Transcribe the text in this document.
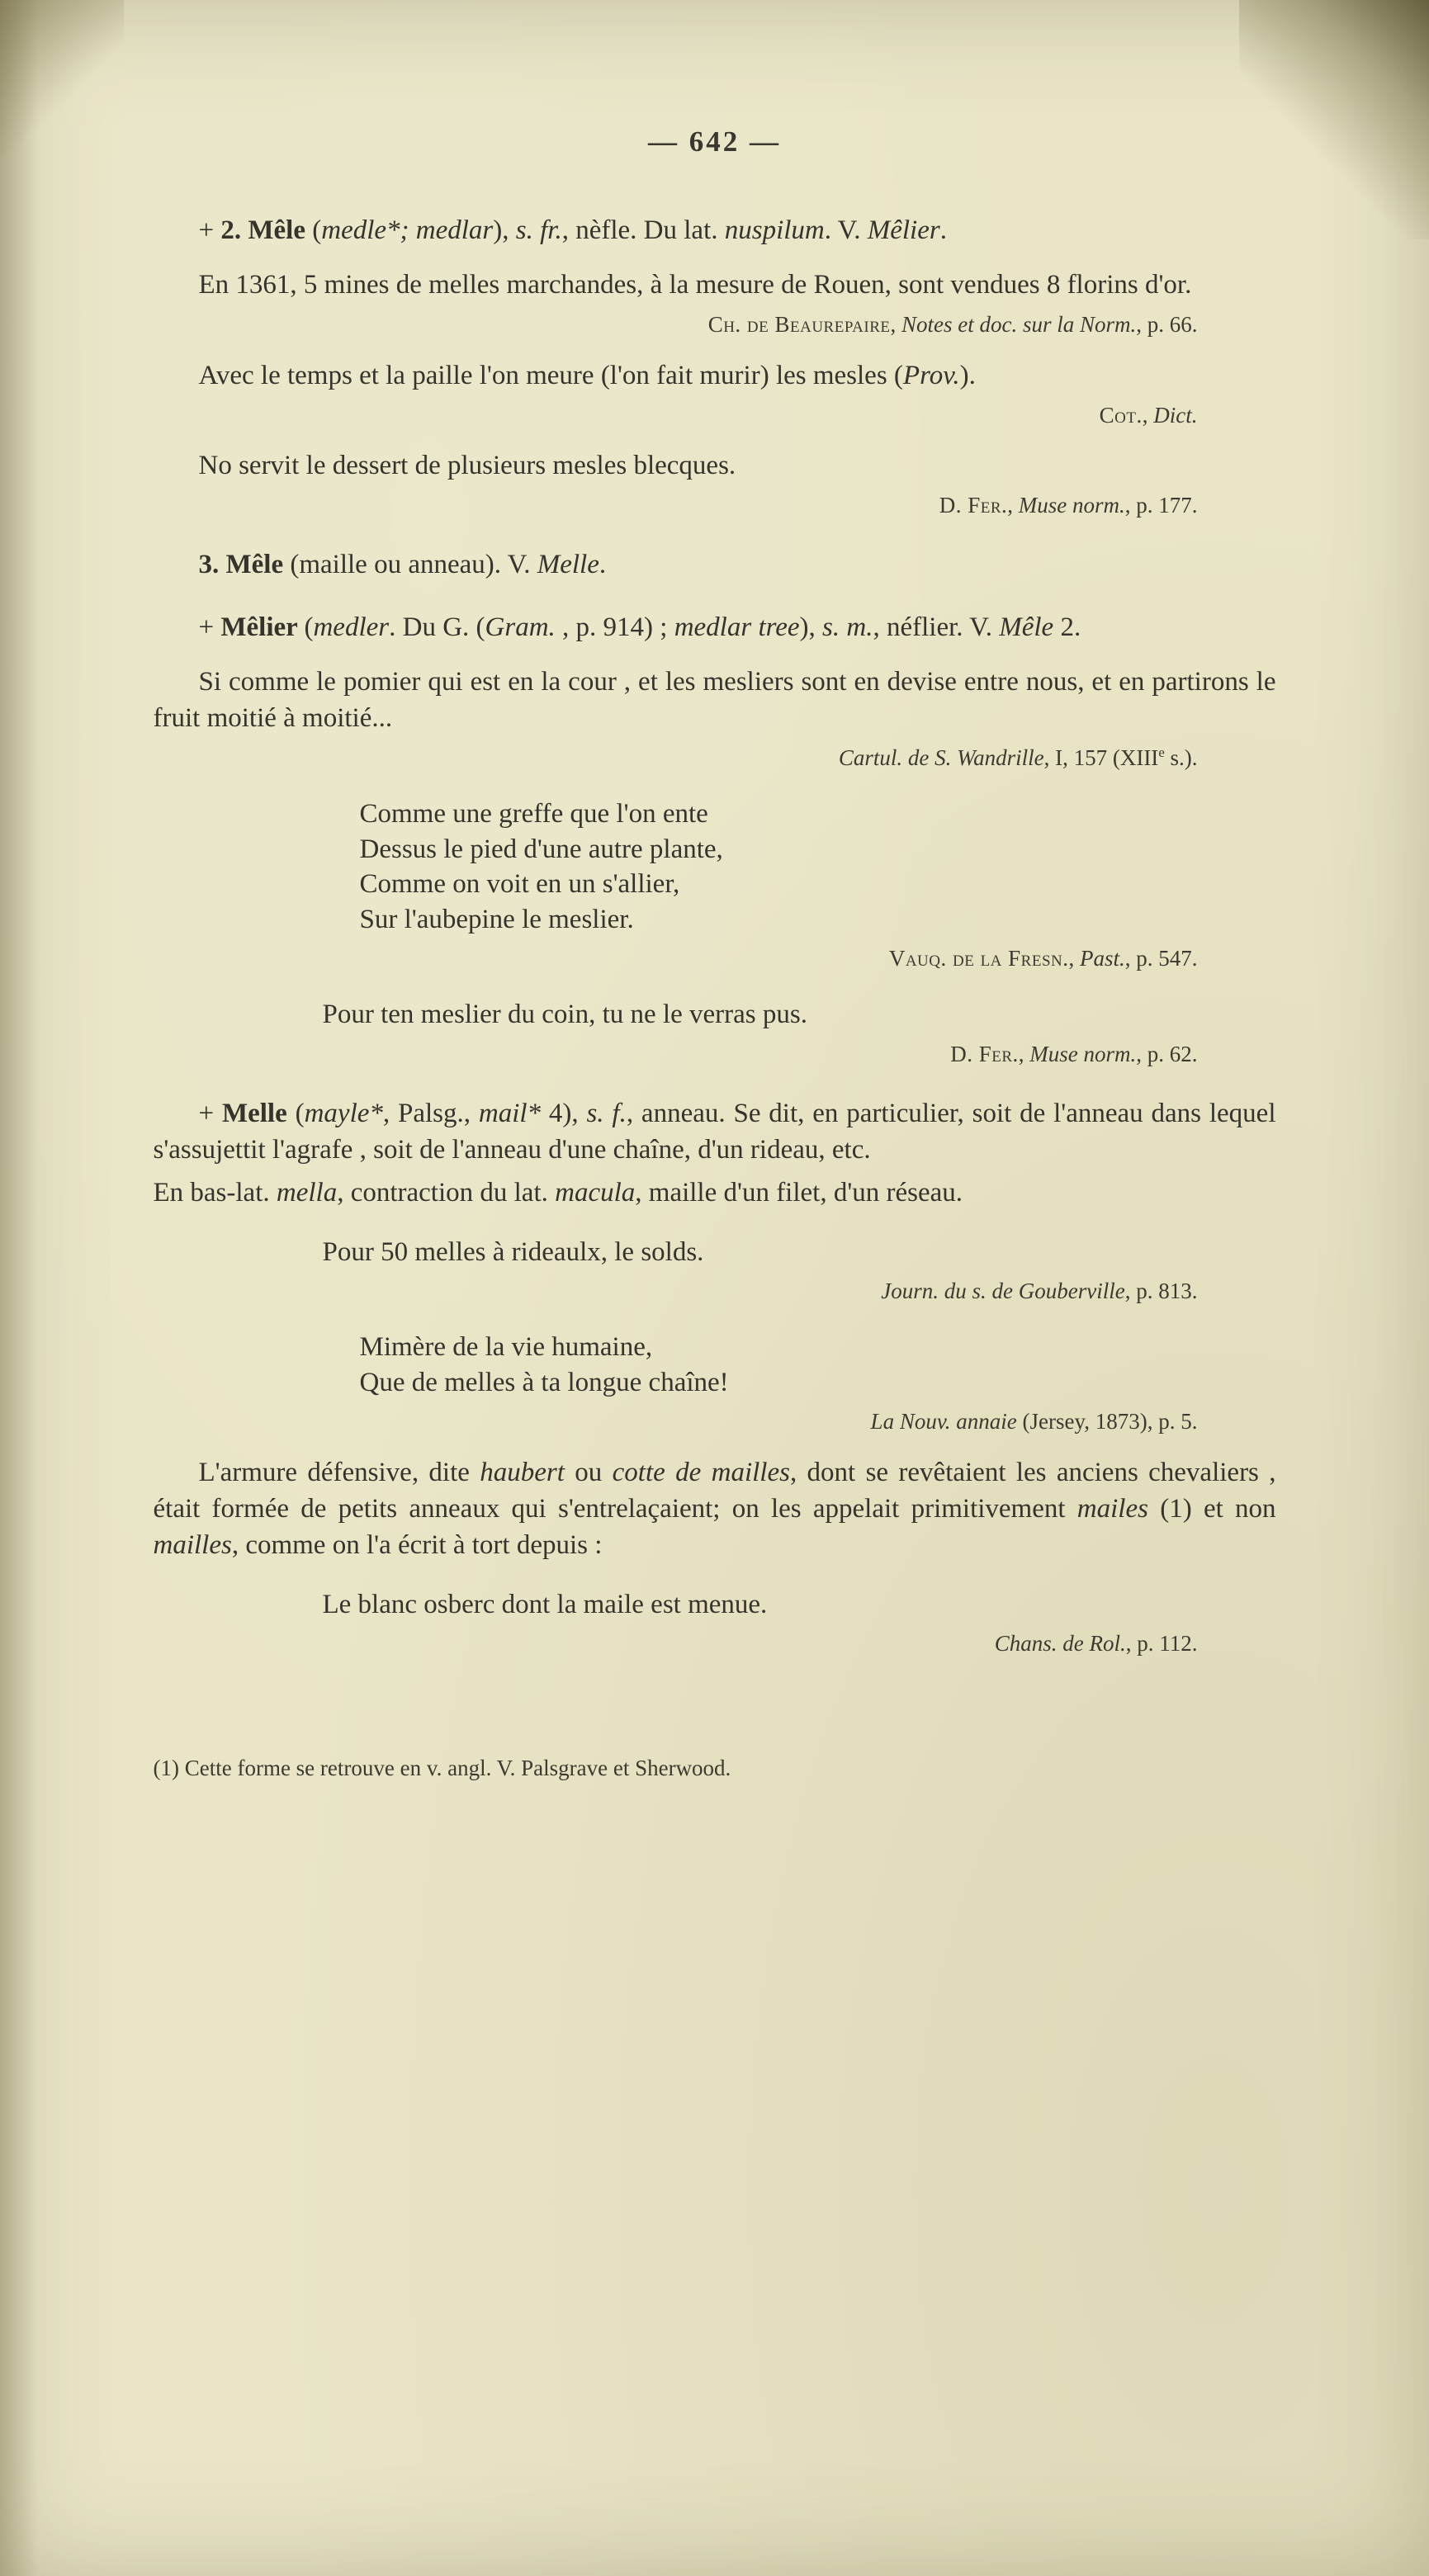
— 642 —
+ 2. Mêle (medle*; medlar), s. fr., nèfle. Du lat. nuspilum. V. Mêlier.
En 1361, 5 mines de melles marchandes, à la mesure de Rouen, sont vendues 8 florins d'or.
Ch. de Beaurepaire, Notes et doc. sur la Norm., p. 66.
Avec le temps et la paille l'on meure (l'on fait murir) les mesles (Prov.).
Cot., Dict.
No servit le dessert de plusieurs mesles blecques.
D. Fer., Muse norm., p. 177.
3. Mêle (maille ou anneau). V. Melle.
+ Mêlier (medler. Du G. (Gram. , p. 914) ; medlar tree), s. m., néflier. V. Mêle 2.
Si comme le pomier qui est en la cour , et les mesliers sont en devise entre nous, et en partirons le fruit moitié à moitié...
Cartul. de S. Wandrille, I, 157 (XIIIe s.).
Comme une greffe que l'on ente
Dessus le pied d'une autre plante,
Comme on voit en un s'allier,
Sur l'aubepine le meslier.
Vauq. de la Fresn., Past., p. 547.
Pour ten meslier du coin, tu ne le verras pus.
D. Fer., Muse norm., p. 62.
+ Melle (mayle*, Palsg., mail* 4), s. f., anneau. Se dit, en particulier, soit de l'anneau dans lequel s'assujettit l'agrafe , soit de l'anneau d'une chaîne, d'un rideau, etc.
En bas-lat. mella, contraction du lat. macula, maille d'un filet, d'un réseau.
Pour 50 melles à rideaulx, le solds.
Journ. du s. de Gouberville, p. 813.
Mimère de la vie humaine,
Que de melles à ta longue chaîne!
La Nouv. annaie (Jersey, 1873), p. 5.
L'armure défensive, dite haubert ou cotte de mailles, dont se revêtaient les anciens chevaliers , était formée de petits anneaux qui s'entrelaçaient; on les appelait primitivement mailes (1) et non mailles, comme on l'a écrit à tort depuis :
Le blanc osberc dont la maile est menue.
Chans. de Rol., p. 112.
(1) Cette forme se retrouve en v. angl. V. Palsgrave et Sherwood.
